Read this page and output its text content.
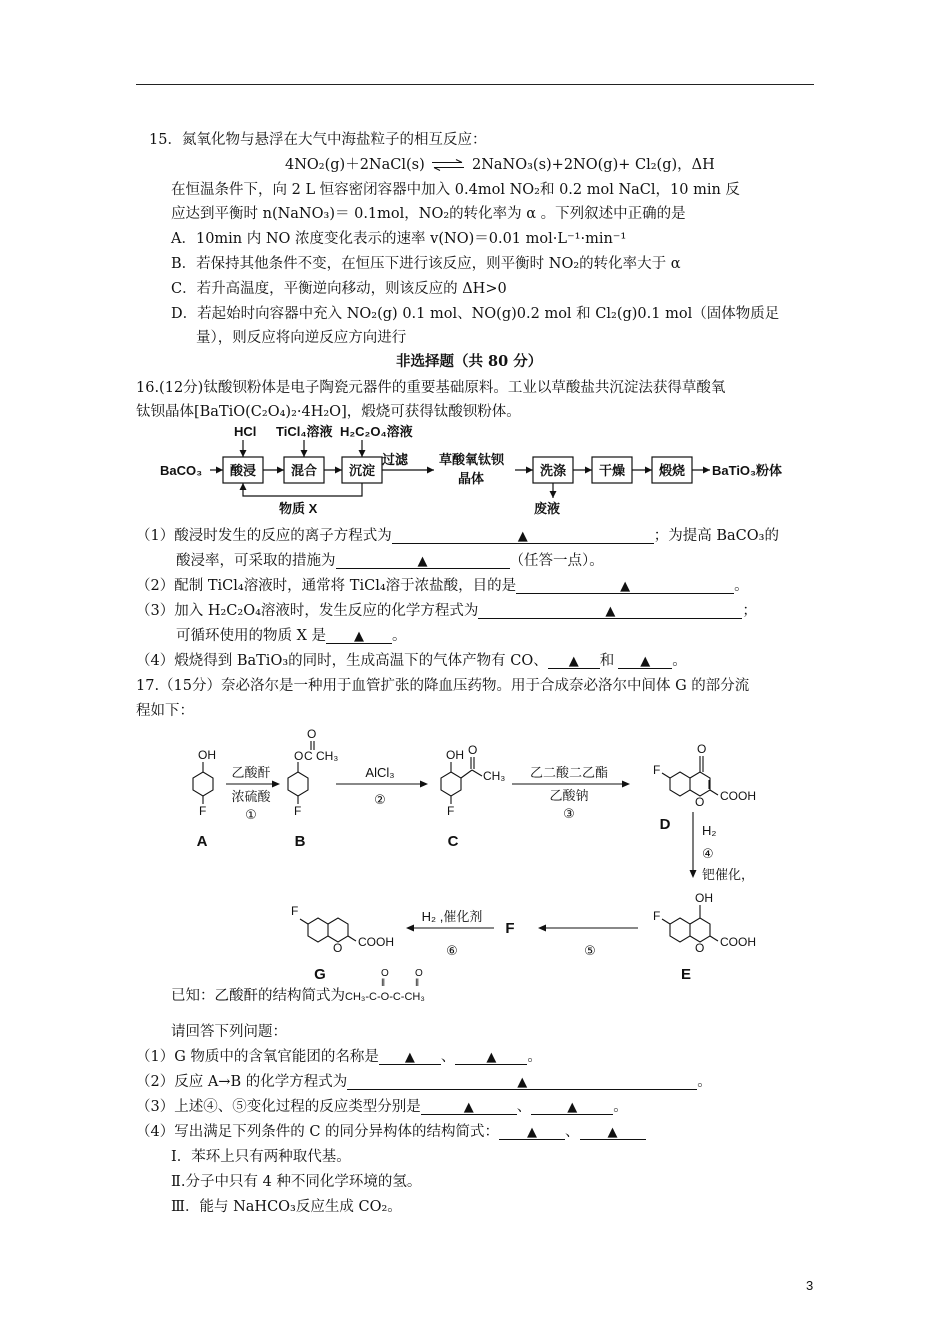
15．氮氧化物与悬浮在大气中海盐粒子的相互反应：
4NO₂(g)＋2NaCl(s) ⇌ 2NaNO₃(s)+2NO(g)+ Cl₂(g)，ΔH
在恒温条件下，向 2 L 恒容密闭容器中加入 0.4mol NO₂和 0.2 mol NaCl，10 min 反
应达到平衡时 n(NaNO₃)＝ 0.1mol，NO₂的转化率为 α 。下列叙述中正确的是
A．10min 内 NO 浓度变化表示的速率 v(NO)＝0.01 mol·L⁻¹·min⁻¹
B．若保持其他条件不变，在恒压下进行该反应，则平衡时 NO₂的转化率大于 α
C．若升高温度，平衡逆向移动，则该反应的 ΔH>0
D．若起始时向容器中充入 NO₂(g) 0.1 mol、NO(g)0.2 mol 和 Cl₂(g)0.1 mol（固体物质足
量），则反应将向逆反应方向进行
非选择题（共 80 分）
16.(12分)钛酸钡粉体是电子陶瓷元器件的重要基础原料。工业以草酸盐共沉淀法获得草酸氧
钛钡晶体[BaTiO(C₂O₄)₂·4H₂O]，煅烧可获得钛酸钡粉体。
HCl TiCl₄溶液 H₂C₂O₄溶液
BaCO₃
过滤 草酸氧钛钡
晶体
BaTiO₃粉体
物质 X	废液
酸浸	混合 沉淀	洗涤	干燥	煅烧
（1）酸浸时发生的反应的离子方程式为	▲	；为提高 BaCO₃的
酸浸率，可采取的措施为	▲	（任答一点）。
（2）配制 TiCl₄溶液时，通常将 TiCl₄溶于浓盐酸，目的是	▲	。
（3）加入 H₂C₂O₄溶液时，发生反应的化学方程式为	▲	；
可循环使用的物质 X 是 ▲ 。
（4）煅烧得到 BaTiO₃的同时，生成高温下的气体产物有 CO、 ▲ 和 ▲ 。
17.（15分）奈必洛尔是一种用于血管扩张的降血压药物。用于合成奈必洛尔中间体 G 的部分流
程如下：
OH
F
O
O
C CH₃
F
OH O
CH₃
F
O
F
O COOH
OH
F
O COOH
F
O COOH
乙酸酐
浓硫酸
①
AlCl₃
②
乙二酸二乙酯
乙酸钠
③
⑤
H₂ ,催化剂
⑥
H₂
④
钯催化，
A	B	C
D
E
F
G
已知：乙酸酐的结构简式为CH₃-C-O-C-CH₃
O
‖
O
‖
请回答下列问题：
（1）G 物质中的含氧官能团的名称是 ▲ 、 ▲ 。
（2）反应 A→B 的化学方程式为	▲	。
（3）上述④、⑤变化过程的反应类型分别是	▲	、	▲ 。
（4）写出满足下列条件的 C 的同分异构体的结构简式： ▲ 、 ▲
Ⅰ．苯环上只有两种取代基。
Ⅱ.分子中只有 4 种不同化学环境的氢。
Ⅲ．能与 NaHCO₃反应生成 CO₂。
3
